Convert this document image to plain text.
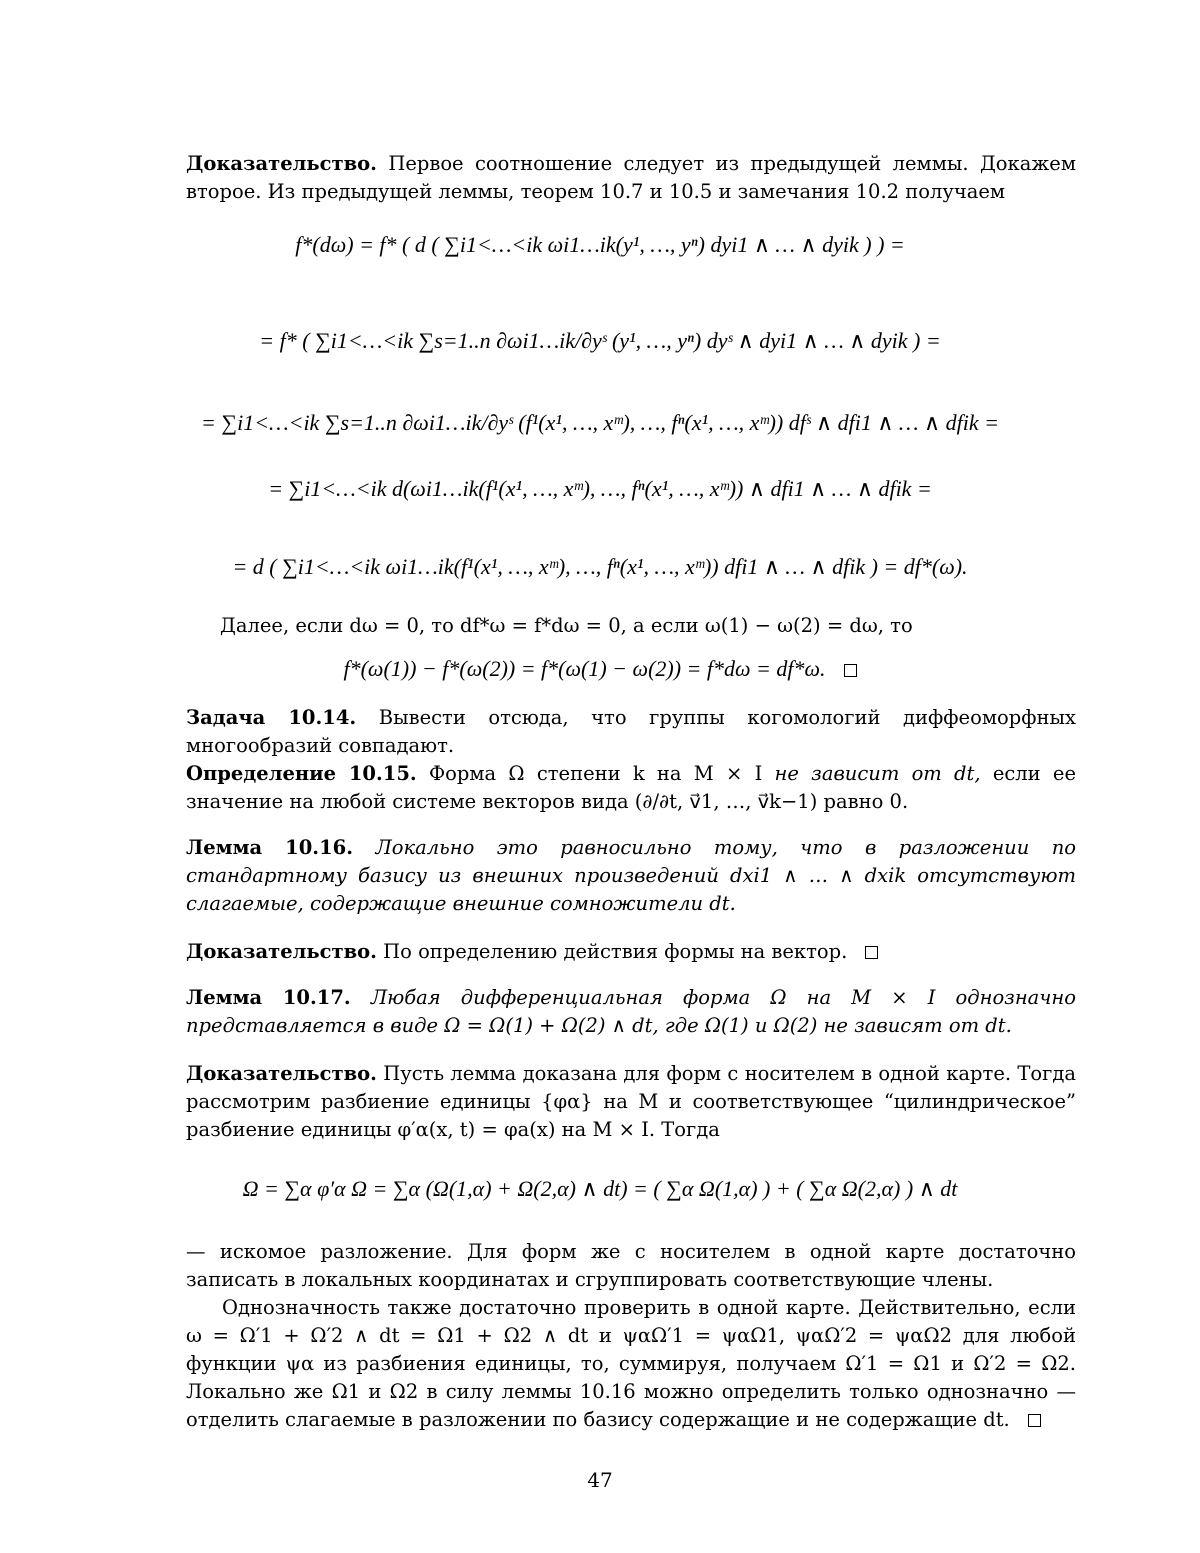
Доказательство. Первое соотношение следует из предыдущей леммы. Докажем второе. Из предыдущей леммы, теорем 10.7 и 10.5 и замечания 10.2 получаем

f*(dω) = f* ( d ( ∑i1<…<ik ωi1…ik(y¹, …, yⁿ) dyi1 ∧ … ∧ dyik ) ) =
= f* ( ∑i1<…<ik ∑s=1..n ∂ωi1…ik/∂yˢ (y¹, …, yⁿ) dyˢ ∧ dyi1 ∧ … ∧ dyik ) =
= ∑i1<…<ik ∑s=1..n ∂ωi1…ik/∂yˢ (f¹(x¹, …, xᵐ), …, fⁿ(x¹, …, xᵐ)) dfˢ ∧ dfi1 ∧ … ∧ dfik =
= ∑i1<…<ik d(ωi1…ik(f¹(x¹, …, xᵐ), …, fⁿ(x¹, …, xᵐ)) ∧ dfi1 ∧ … ∧ dfik =
= d ( ∑i1<…<ik ωi1…ik(f¹(x¹, …, xᵐ), …, fⁿ(x¹, …, xᵐ)) dfi1 ∧ … ∧ dfik ) = df*(ω).

Далее, если dω = 0, то df*ω = f*dω = 0, а если ω(1) − ω(2) = dω, то

f*(ω(1)) − f*(ω(2)) = f*(ω(1) − ω(2)) = f*dω = df*ω.

Задача 10.14. Вывести отсюда, что группы когомологий диффеоморфных многообразий совпадают.

Определение 10.15. Форма Ω степени k на M × I не зависит от dt, если ее значение на любой системе векторов вида (∂/∂t, v⃗1, …, v⃗k−1) равно 0.

Лемма 10.16. Локально это равносильно тому, что в разложении по стандартному базису из внешних произведений dxi1 ∧ … ∧ dxik отсутствуют слагаемые, содержащие внешние сомножители dt.

Доказательство. По определению действия формы на вектор.

Лемма 10.17. Любая дифференциальная форма Ω на M × I однозначно представляется в виде Ω = Ω(1) + Ω(2) ∧ dt, где Ω(1) и Ω(2) не зависят от dt.

Доказательство. Пусть лемма доказана для форм с носителем в одной карте. Тогда рассмотрим разбиение единицы {φα} на M и соответствующее “цилиндрическое” разбиение единицы φ′α(x, t) = φa(x) на M × I. Тогда

Ω = ∑α φ′α Ω = ∑α (Ω(1,α) + Ω(2,α) ∧ dt) = ( ∑α Ω(1,α) ) + ( ∑α Ω(2,α) ) ∧ dt

— искомое разложение. Для форм же с носителем в одной карте достаточно записать в локальных координатах и сгруппировать соответствующие члены.

Однозначность также достаточно проверить в одной карте. Действительно, если ω = Ω′1 + Ω′2 ∧ dt = Ω1 + Ω2 ∧ dt и ψαΩ′1 = ψαΩ1, ψαΩ′2 = ψαΩ2 для любой функции ψα из разбиения единицы, то, суммируя, получаем Ω′1 = Ω1 и Ω′2 = Ω2. Локально же Ω1 и Ω2 в силу леммы 10.16 можно определить только однозначно — отделить слагаемые в разложении по базису содержащие и не содержащие dt.

47
